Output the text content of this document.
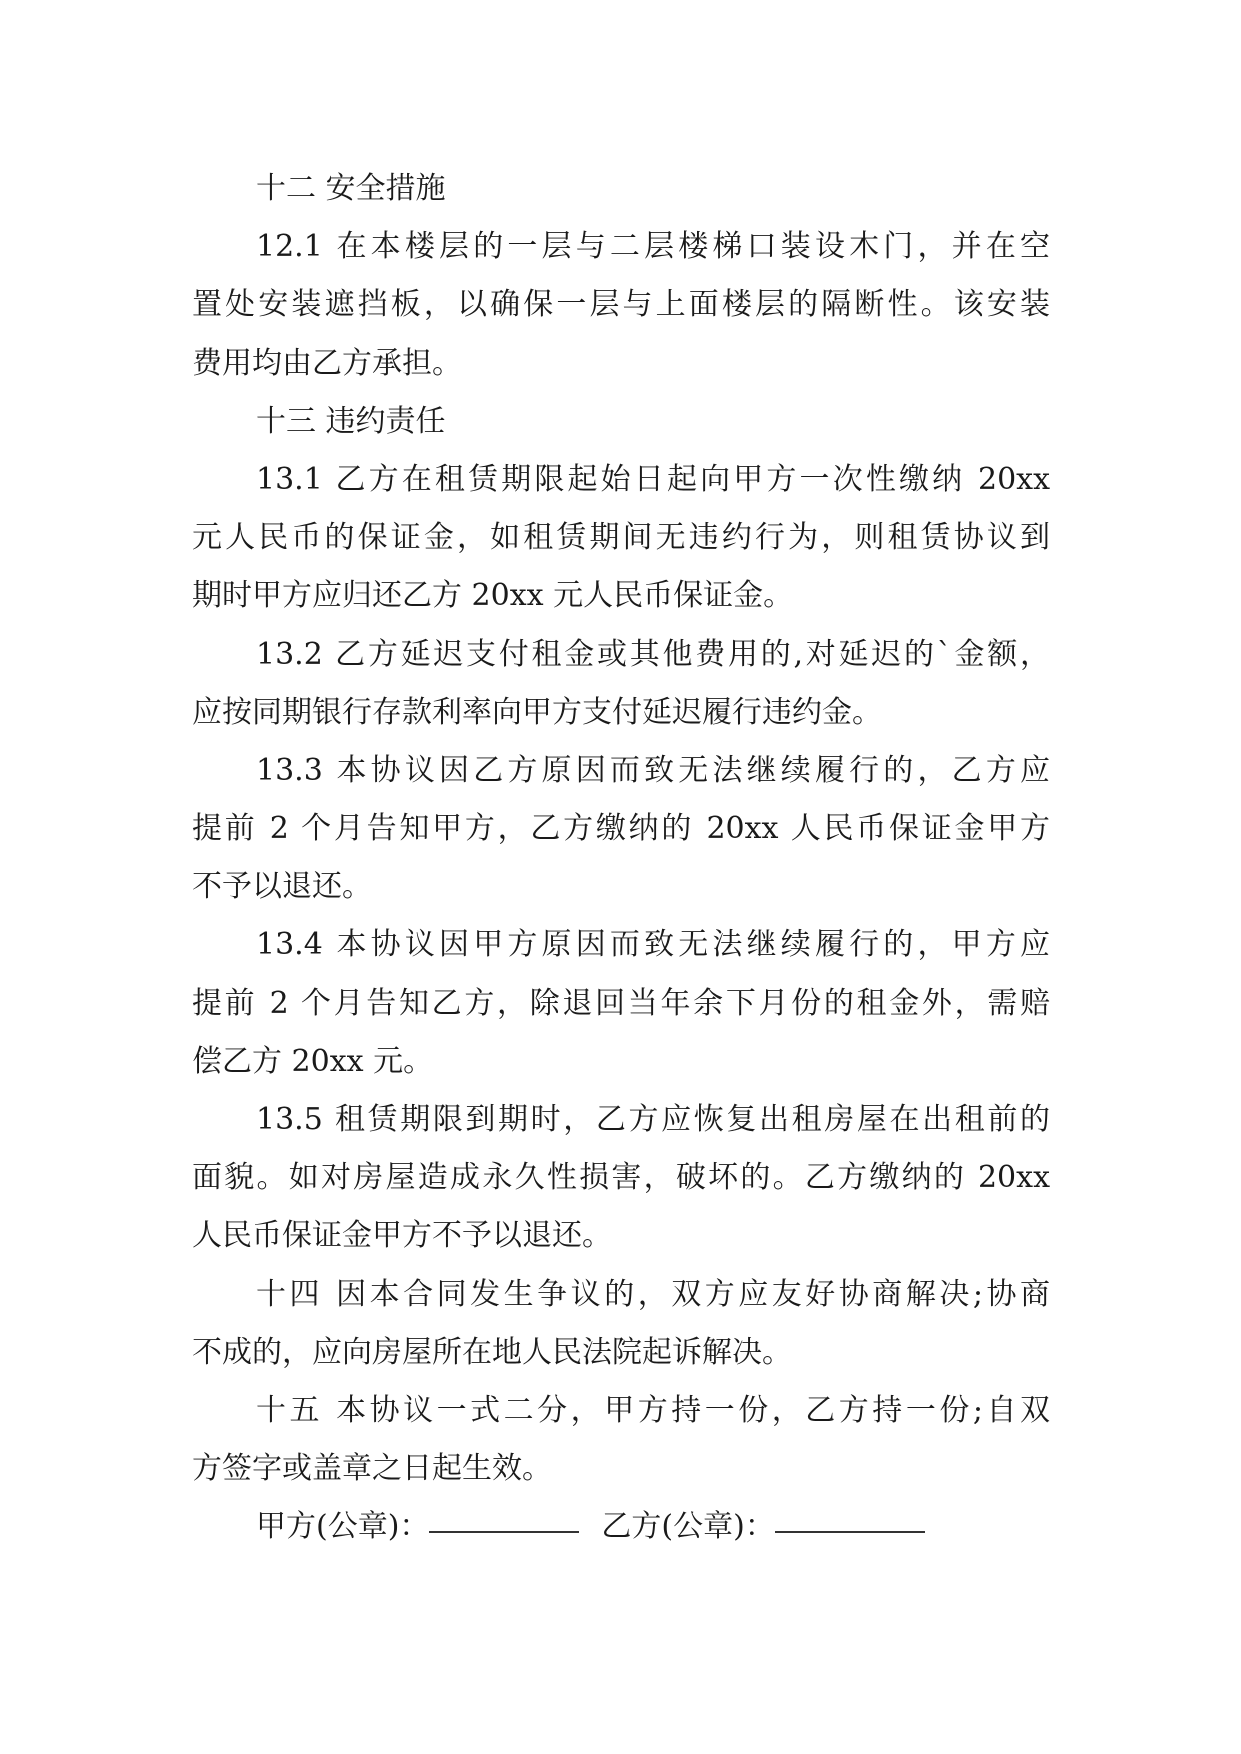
十二 安全措施
12.1 在本楼层的一层与二层楼梯口装设木门，并在空
置处安装遮挡板，以确保一层与上面楼层的隔断性。该安装
费用均由乙方承担。
十三 违约责任
13.1 乙方在租赁期限起始日起向甲方一次性缴纳 20xx
元人民币的保证金，如租赁期间无违约行为，则租赁协议到
期时甲方应归还乙方 20xx 元人民币保证金。
13.2 乙方延迟支付租金或其他费用的,对延迟的`金额，
应按同期银行存款利率向甲方支付延迟履行违约金。
13.3 本协议因乙方原因而致无法继续履行的，乙方应
提前 2 个月告知甲方，乙方缴纳的 20xx 人民币保证金甲方
不予以退还。
13.4 本协议因甲方原因而致无法继续履行的，甲方应
提前 2 个月告知乙方，除退回当年余下月份的租金外，需赔
偿乙方 20xx 元。
13.5 租赁期限到期时，乙方应恢复出租房屋在出租前的
面貌。如对房屋造成永久性损害，破坏的。乙方缴纳的 20xx
人民币保证金甲方不予以退还。
十四 因本合同发生争议的，双方应友好协商解决;协商
不成的，应向房屋所在地人民法院起诉解决。
十五 本协议一式二分，甲方持一份，乙方持一份;自双
方签字或盖章之日起生效。
甲方(公章)：	乙方(公章)：
